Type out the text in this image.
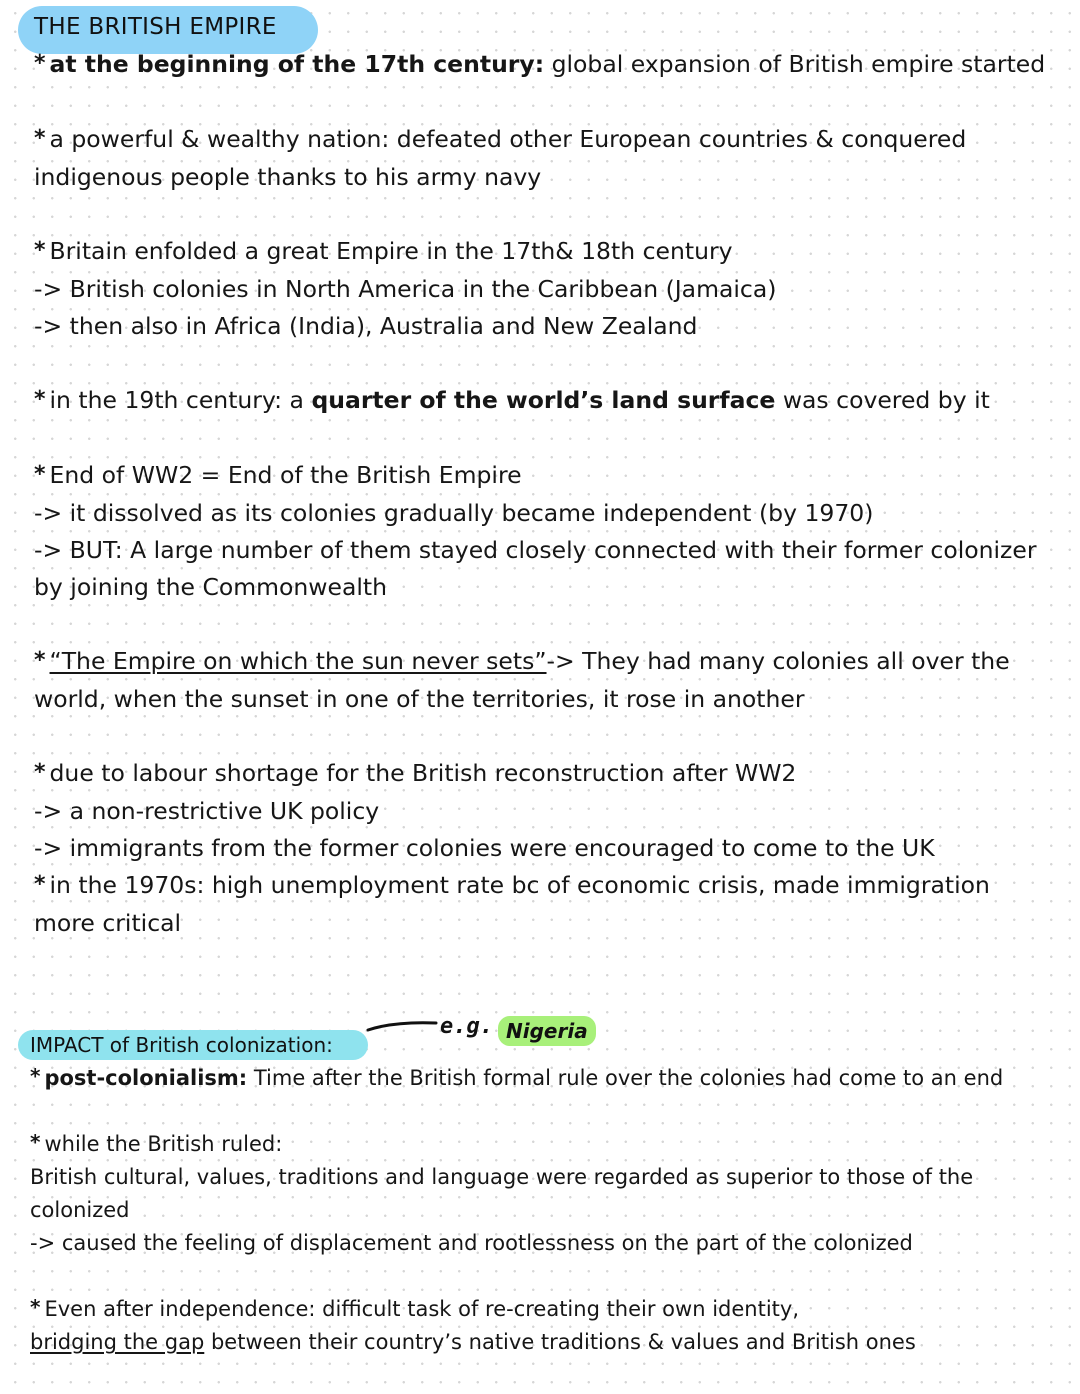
THE BRITISH EMPIRE

* at the beginning of the 17th century: global expansion of British empire started

* a powerful & wealthy nation: defeated other European countries & conquered indigenous people thanks to his army navy

* Britain enfolded a great Empire in the 17th& 18th century
-> British colonies in North America in the Caribbean (Jamaica)
-> then also in Africa (India), Australia and New Zealand

* in the 19th century: a quarter of the world’s land surface was covered by it

* End of WW2 = End of the British Empire
-> it dissolved as its colonies gradually became independent (by 1970)
-> BUT: A large number of them stayed closely connected with their former colonizer by joining the Commonwealth

* “The Empire on which the sun never sets”-> They had many colonies all over the world, when the sunset in one of the territories, it rose in another

* due to labour shortage for the British reconstruction after WW2
-> a non-restrictive UK policy
-> immigrants from the former colonies were encouraged to come to the UK
* in the 1970s: high unemployment rate bc of economic crisis, made immigration more critical

e.g. Nigeria
IMPACT of British colonization:

* post-colonialism: Time after the British formal rule over the colonies had come to an end

* while the British ruled:
British cultural, values, traditions and language were regarded as superior to those of the colonized
-> caused the feeling of displacement and rootlessness on the part of the colonized

* Even after independence: difficult task of re-creating their own identity,
bridging the gap between their country’s native traditions & values and British ones
